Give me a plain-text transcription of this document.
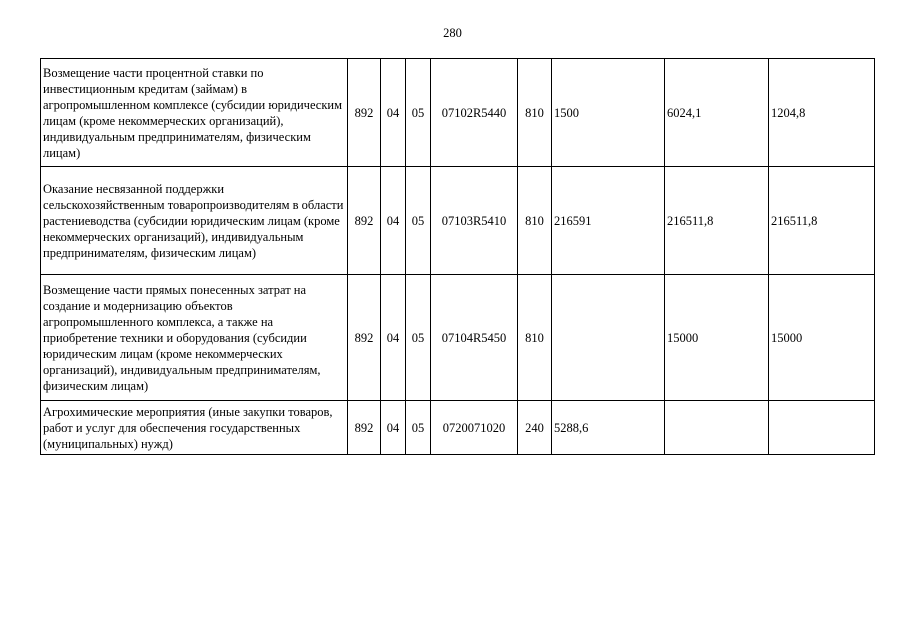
280
Возмещение части процентной ставки по инвестиционным кредитам (займам) в агропромышленном комплексе (субсидии юридическим лицам (кроме некоммерческих организаций), индивидуальным предпринимателям, физическим лицам)	892	04	05	07102R5440	810	1500	6024,1	1204,8
Оказание несвязанной поддержки сельскохозяйственным товаропроизводителям в области растениеводства (субсидии юридическим лицам (кроме некоммерческих организаций), индивидуальным предпринимателям, физическим лицам)	892	04	05	07103R5410	810	216591	216511,8	216511,8
Возмещение части прямых понесенных затрат на создание и модернизацию объектов агропромышленного комплекса, а также на приобретение техники и оборудования (субсидии юридическим лицам (кроме некоммерческих организаций), индивидуальным предпринимателям, физическим лицам)	892	04	05	07104R5450	810		15000	15000
Агрохимические мероприятия (иные закупки товаров, работ и услуг для обеспечения государственных (муниципальных) нужд)	892	04	05	0720071020	240	5288,6		
